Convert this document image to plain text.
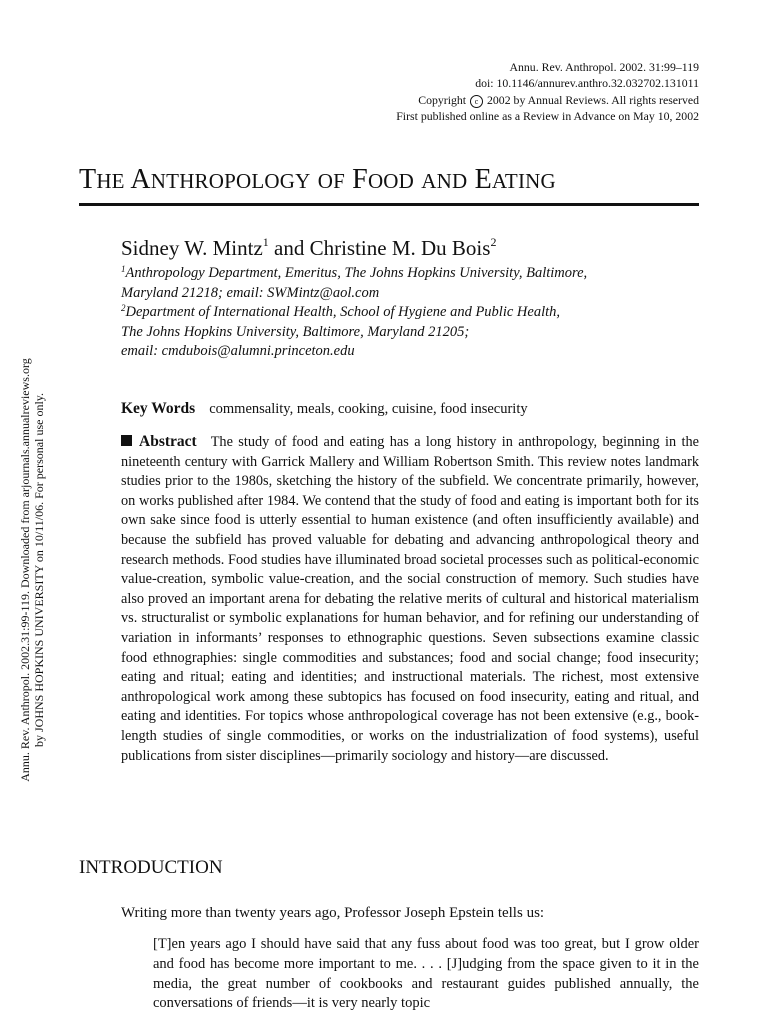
Annu. Rev. Anthropol. 2002.31:99-119. Downloaded from arjournals.annualreviews.org by JOHNS HOPKINS UNIVERSITY on 10/11/06. For personal use only.
Annu. Rev. Anthropol. 2002. 31:99–119
doi: 10.1146/annurev.anthro.32.032702.131011
Copyright c 2002 by Annual Reviews. All rights reserved
First published online as a Review in Advance on May 10, 2002
THE ANTHROPOLOGY OF FOOD AND EATING
Sidney W. Mintz$^1$ and Christine M. Du Bois$^2$
$^1$Anthropology Department, Emeritus, The Johns Hopkins University, Baltimore,
Maryland 21218; email: SWMintz@aol.com
$^2$Department of International Health, School of Hygiene and Public Health,
The Johns Hopkins University, Baltimore, Maryland 21205;
email: cmdubois@alumni.princeton.edu
Key Words commensality, meals, cooking, cuisine, food insecurity
Abstract The study of food and eating has a long history in anthropology, beginning in the nineteenth century with Garrick Mallery and William Robertson Smith. This review notes landmark studies prior to the 1980s, sketching the history of the subfield. We concentrate primarily, however, on works published after 1984. We contend that the study of food and eating is important both for its own sake since food is utterly essential to human existence (and often insufficiently available) and because the subfield has proved valuable for debating and advancing anthropological theory and research methods. Food studies have illuminated broad societal processes such as political-economic value-creation, symbolic value-creation, and the social construction of memory. Such studies have also proved an important arena for debating the relative merits of cultural and historical materialism vs. structuralist or symbolic explanations for human behavior, and for refining our understanding of variation in informants’ responses to ethnographic questions. Seven subsections examine classic food ethnographies: single commodities and substances; food and social change; food insecurity; eating and ritual; eating and identities; and instructional materials. The richest, most extensive anthropological work among these subtopics has focused on food insecurity, eating and ritual, and eating and identities. For topics whose anthropological coverage has not been extensive (e.g., book-length studies of single commodities, or works on the industrialization of food systems), useful publications from sister disciplines—primarily sociology and history—are discussed.
INTRODUCTION
Writing more than twenty years ago, Professor Joseph Epstein tells us:
[T]en years ago I should have said that any fuss about food was too great, but I grow older and food has become more important to me. . . . [J]udging from the space given to it in the media, the great number of cookbooks and restaurant guides published annually, the conversations of friends—it is very nearly topic
